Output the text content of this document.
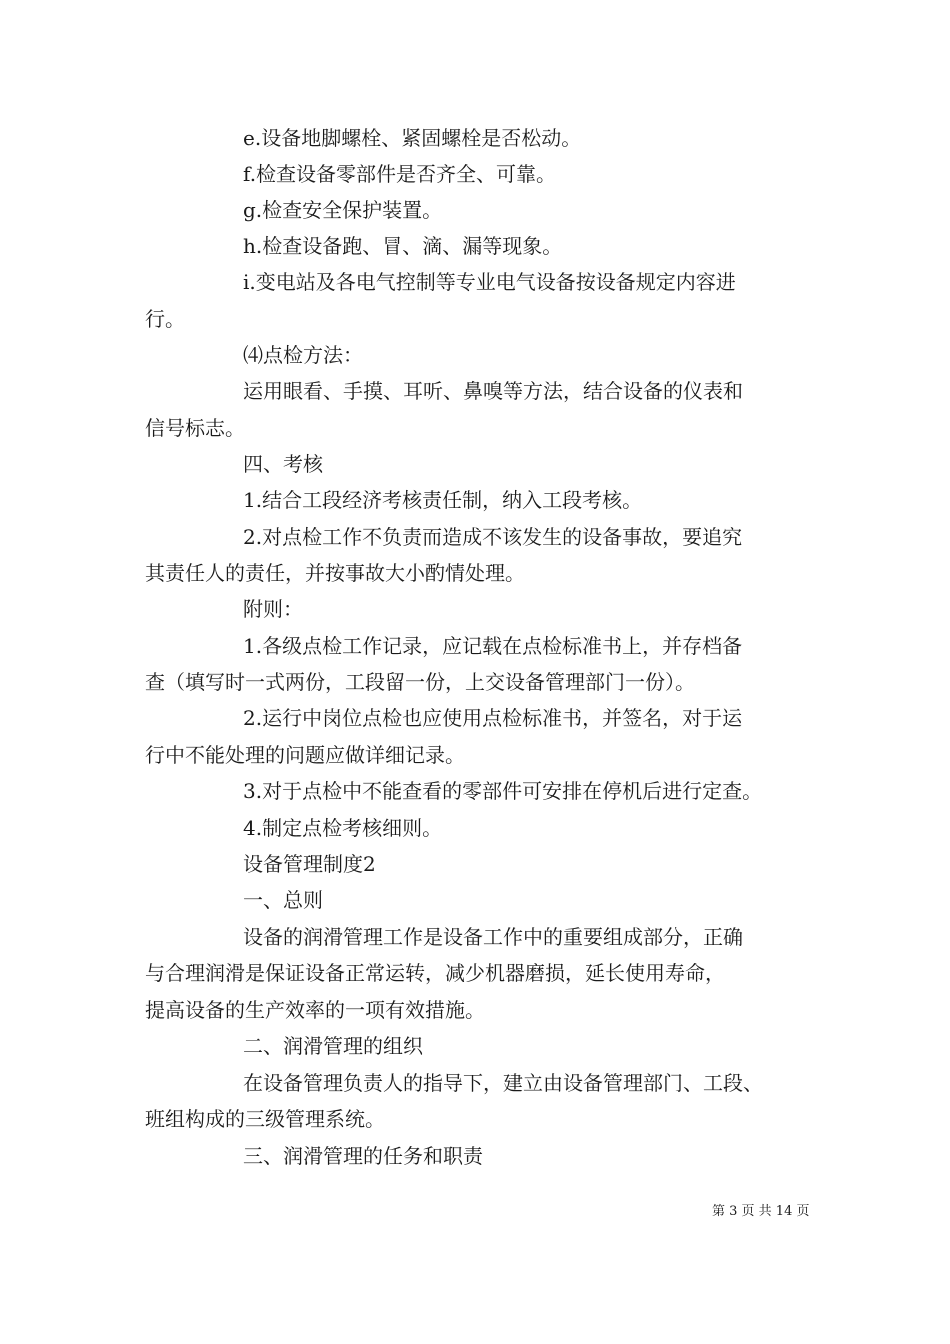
e.设备地脚螺栓、紧固螺栓是否松动。

f.检查设备零部件是否齐全、可靠。

g.检查安全保护装置。

h.检查设备跑、冒、滴、漏等现象。

i.变电站及各电气控制等专业电气设备按设备规定内容进

行。

⑷点检方法：

运用眼看、手摸、耳听、鼻嗅等方法，结合设备的仪表和

信号标志。

四、考核

1.结合工段经济考核责任制，纳入工段考核。

2.对点检工作不负责而造成不该发生的设备事故，要追究

其责任人的责任，并按事故大小酌情处理。

附则：

1.各级点检工作记录，应记载在点检标准书上，并存档备

查（填写时一式两份，工段留一份，上交设备管理部门一份）。

2.运行中岗位点检也应使用点检标准书，并签名，对于运

行中不能处理的问题应做详细记录。

3.对于点检中不能查看的零部件可安排在停机后进行定查。

4.制定点检考核细则。

设备管理制度2

一、总则

设备的润滑管理工作是设备工作中的重要组成部分，正确

与合理润滑是保证设备正常运转，减少机器磨损，延长使用寿命，

提高设备的生产效率的一项有效措施。

二、润滑管理的组织

在设备管理负责人的指导下，建立由设备管理部门、工段、

班组构成的三级管理系统。

三、润滑管理的任务和职责

第 3 页 共 14 页
